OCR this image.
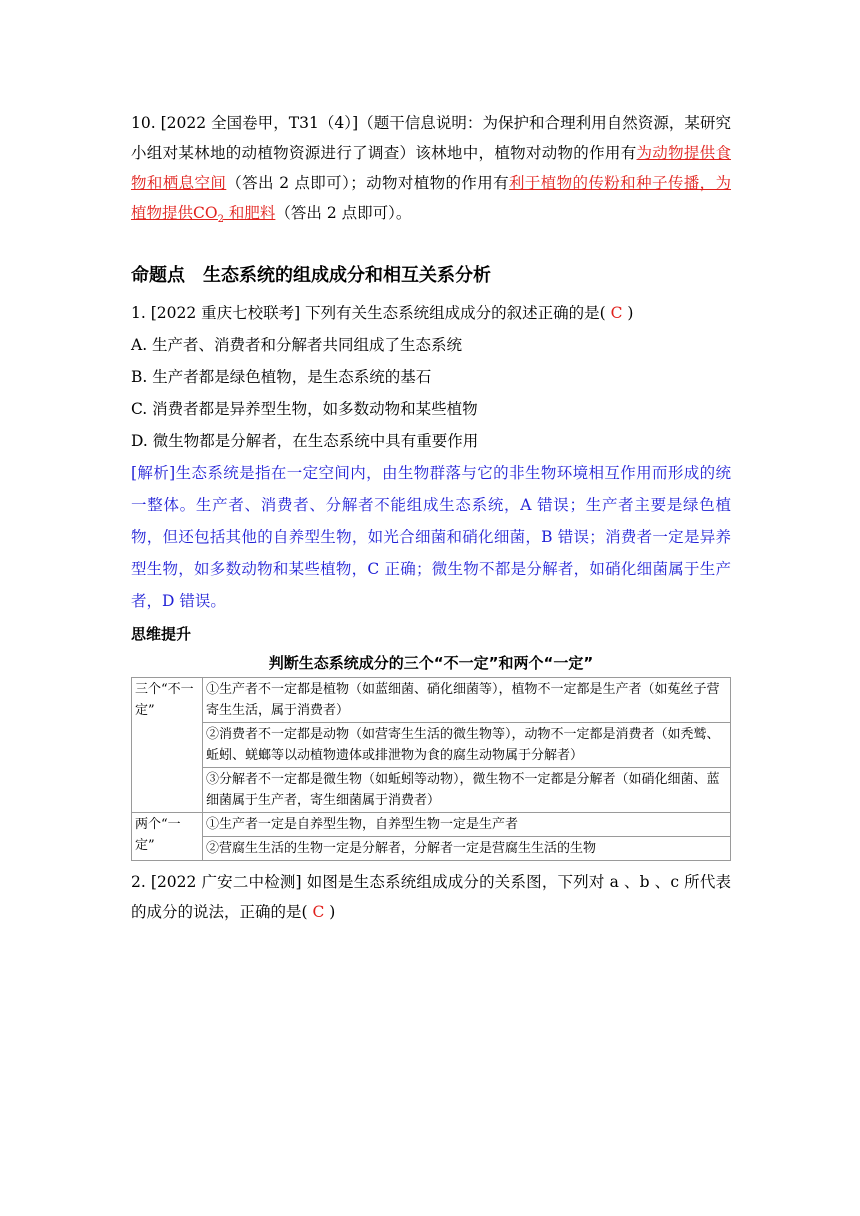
10. [2022 全国卷甲，T31（4）]（题干信息说明：为保护和合理利用自然资源，某研究小组对某林地的动植物资源进行了调查）该林地中，植物对动物的作用有为动物提供食物和栖息空间（答出 2 点即可）；动物对植物的作用有利于植物的传粉和种子传播，为植物提供$CO_2$ 和肥料（答出 2 点即可）。

命题点　生态系统的组成成分和相互关系分析

1. [2022 重庆七校联考] 下列有关生态系统组成成分的叙述正确的是( C )

A. 生产者、消费者和分解者共同组成了生态系统

B. 生产者都是绿色植物，是生态系统的基石

C. 消费者都是异养型生物，如多数动物和某些植物

D. 微生物都是分解者，在生态系统中具有重要作用

[解析]生态系统是指在一定空间内，由生物群落与它的非生物环境相互作用而形成的统一整体。生产者、消费者、分解者不能组成生态系统，A 错误；生产者主要是绿色植物，但还包括其他的自养型生物，如光合细菌和硝化细菌，B 错误；消费者一定是异养型生物，如多数动物和某些植物，C 正确；微生物不都是分解者，如硝化细菌属于生产者，D 错误。

思维提升

判断生态系统成分的三个“不一定”和两个“一定”

三个“不一定”	①生产者不一定都是植物（如蓝细菌、硝化细菌等），植物不一定都是生产者（如菟丝子营寄生生活，属于消费者）
	②消费者不一定都是动物（如营寄生生活的微生物等），动物不一定都是消费者（如秃鹫、蚯蚓、蜣螂等以动植物遗体或排泄物为食的腐生动物属于分解者）
	③分解者不一定都是微生物（如蚯蚓等动物），微生物不一定都是分解者（如硝化细菌、蓝细菌属于生产者，寄生细菌属于消费者）
两个“一定”	①生产者一定是自养型生物，自养型生物一定是生产者
	②营腐生生活的生物一定是分解者，分解者一定是营腐生生活的生物

2. [2022 广安二中检测] 如图是生态系统组成成分的关系图，下列对 a 、b 、c 所代表的成分的说法，正确的是( C )
